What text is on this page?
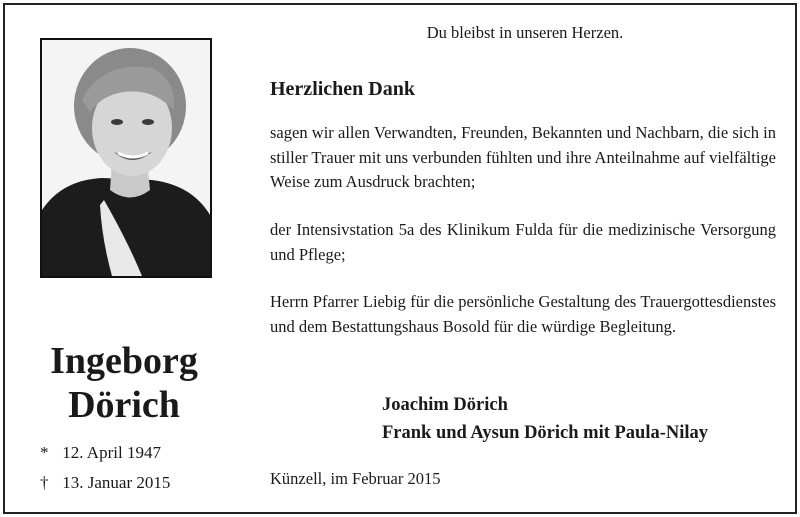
Ingeborg
Dörich
* 12. April 1947
† 13. Januar 2015
Du bleibst in unseren Herzen.
Herzlichen Dank

sagen wir allen Verwandten, Freunden, Bekannten und Nachbarn, die sich in stiller Trauer mit uns verbunden fühlten und ihre Anteilnahme auf vielfältige Weise zum Ausdruck brachten;

der Intensivstation 5a des Klinikum Fulda für die medizinische Versorgung und Pflege;

Herrn Pfarrer Liebig für die persönliche Gestaltung des Trauergottesdienstes und dem Bestattungshaus Bosold für die würdige Begleitung.

Joachim Dörich
Frank und Aysun Dörich mit Paula-Nilay
Künzell, im Februar 2015
